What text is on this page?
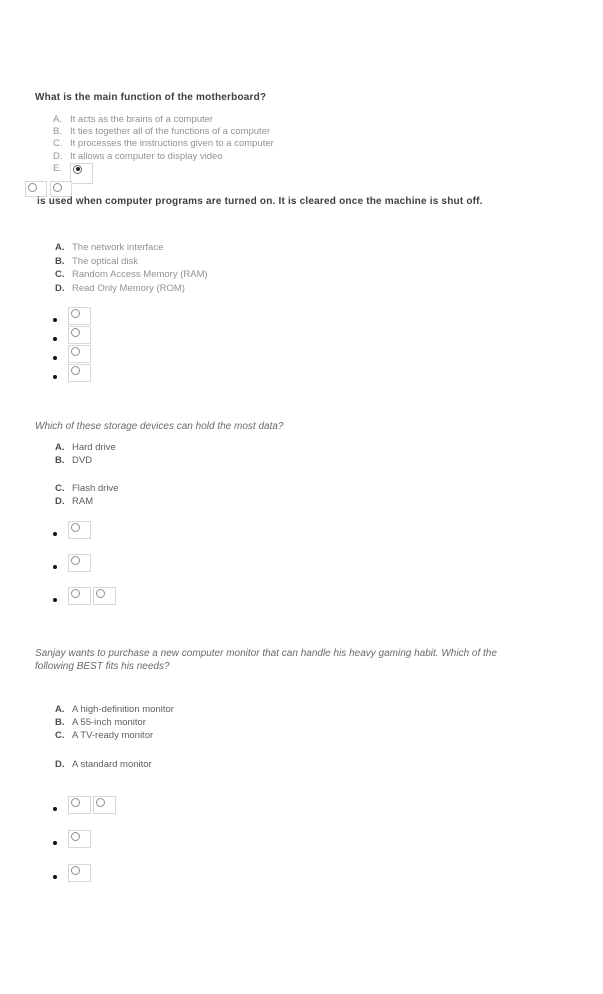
What is the main function of the motherboard?
A. It acts as the brains of a computer
B. It ties together all of the functions of a computer
C. It processes the instructions given to a computer
D. It allows a computer to display video
E.
is used when computer programs are turned on. It is cleared once the machine is shut off.
A. The network interface
B. The optical disk
C. Random Access Memory (RAM)
D. Read Only Memory (ROM)
Which of these storage devices can hold the most data?
A. Hard drive
B. DVD
C. Flash drive
D. RAM
Sanjay wants to purchase a new computer monitor that can handle his heavy gaming habit. Which of the
following BEST fits his needs?
A. A high-definition monitor
B. A 55-inch monitor
C. A TV-ready monitor
D. A standard monitor
